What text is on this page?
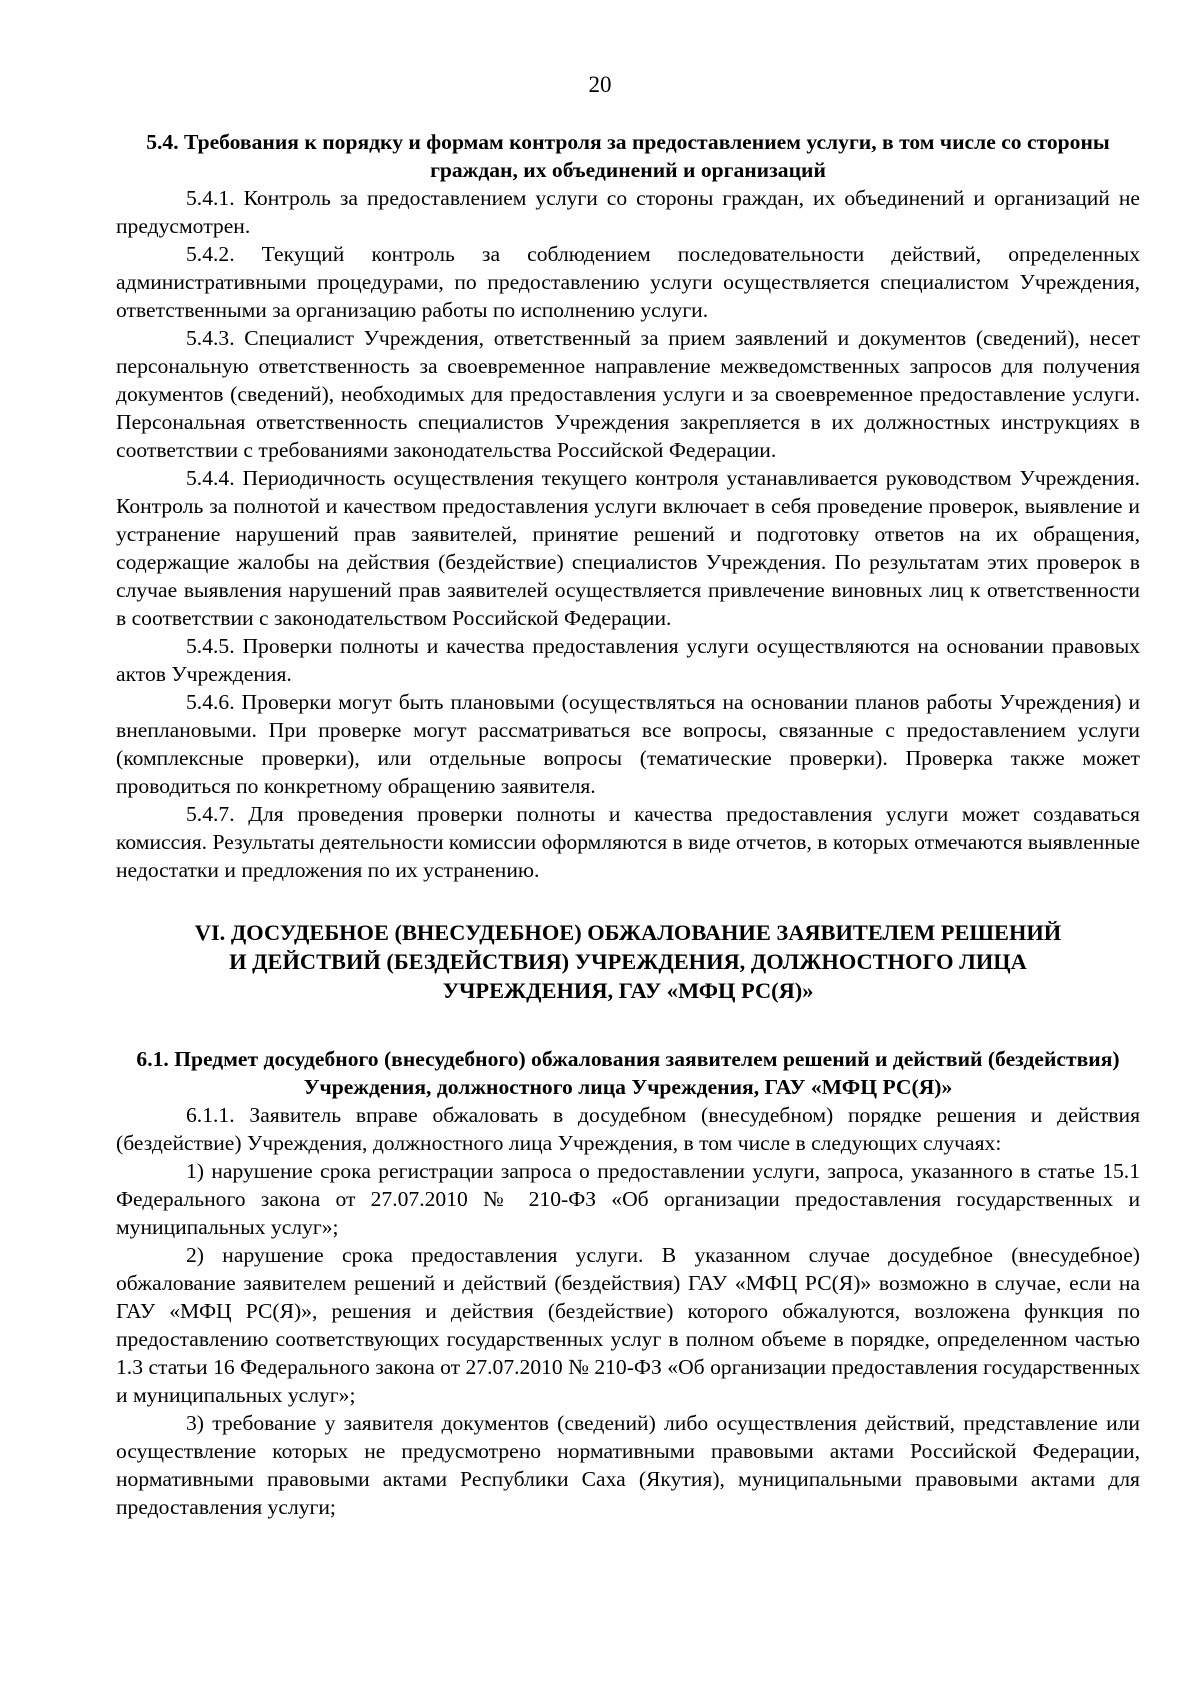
20
5.4. Требования к порядку и формам контроля за предоставлением услуги, в том числе со стороны граждан, их объединений и организаций

5.4.1. Контроль за предоставлением услуги со стороны граждан, их объединений и организаций не предусмотрен.

5.4.2. Текущий контроль за соблюдением последовательности действий, определенных административными процедурами, по предоставлению услуги осуществляется специалистом Учреждения, ответственными за организацию работы по исполнению услуги.

5.4.3. Специалист Учреждения, ответственный за прием заявлений и документов (сведений), несет персональную ответственность за своевременное направление межведомственных запросов для получения документов (сведений), необходимых для предоставления услуги и за своевременное предоставление услуги. Персональная ответственность специалистов Учреждения закрепляется в их должностных инструкциях в соответствии с требованиями законодательства Российской Федерации.

5.4.4. Периодичность осуществления текущего контроля устанавливается руководством Учреждения. Контроль за полнотой и качеством предоставления услуги включает в себя проведение проверок, выявление и устранение нарушений прав заявителей, принятие решений и подготовку ответов на их обращения, содержащие жалобы на действия (бездействие) специалистов Учреждения. По результатам этих проверок в случае выявления нарушений прав заявителей осуществляется привлечение виновных лиц к ответственности в соответствии с законодательством Российской Федерации.

5.4.5. Проверки полноты и качества предоставления услуги осуществляются на основании правовых актов Учреждения.

5.4.6. Проверки могут быть плановыми (осуществляться на основании планов работы Учреждения) и внеплановыми. При проверке могут рассматриваться все вопросы, связанные с предоставлением услуги (комплексные проверки), или отдельные вопросы (тематические проверки). Проверка также может проводиться по конкретному обращению заявителя.

5.4.7. Для проведения проверки полноты и качества предоставления услуги может создаваться комиссия. Результаты деятельности комиссии оформляются в виде отчетов, в которых отмечаются выявленные недостатки и предложения по их устранению.

VI. ДОСУДЕБНОЕ (ВНЕСУДЕБНОЕ) ОБЖАЛОВАНИЕ ЗАЯВИТЕЛЕМ РЕШЕНИЙ
И ДЕЙСТВИЙ (БЕЗДЕЙСТВИЯ) УЧРЕЖДЕНИЯ, ДОЛЖНОСТНОГО ЛИЦА
УЧРЕЖДЕНИЯ, ГАУ «МФЦ РС(Я)»
6.1. Предмет досудебного (внесудебного) обжалования заявителем решений и действий (бездействия) Учреждения, должностного лица Учреждения, ГАУ «МФЦ РС(Я)»

6.1.1. Заявитель вправе обжаловать в досудебном (внесудебном) порядке решения и действия (бездействие) Учреждения, должностного лица Учреждения, в том числе в следующих случаях:

1) нарушение срока регистрации запроса о предоставлении услуги, запроса, указанного в статье 15.1 Федерального закона от 27.07.2010 № 210-ФЗ «Об организации предоставления государственных и муниципальных услуг»;

2) нарушение срока предоставления услуги. В указанном случае досудебное (внесудебное) обжалование заявителем решений и действий (бездействия) ГАУ «МФЦ РС(Я)» возможно в случае, если на ГАУ «МФЦ РС(Я)», решения и действия (бездействие) которого обжалуются, возложена функция по предоставлению соответствующих государственных услуг в полном объеме в порядке, определенном частью 1.3 статьи 16 Федерального закона от 27.07.2010 № 210-ФЗ «Об организации предоставления государственных и муниципальных услуг»;

3) требование у заявителя документов (сведений) либо осуществления действий, представление или осуществление которых не предусмотрено нормативными правовыми актами Российской Федерации, нормативными правовыми актами Республики Саха (Якутия), муниципальными правовыми актами для предоставления услуги;
